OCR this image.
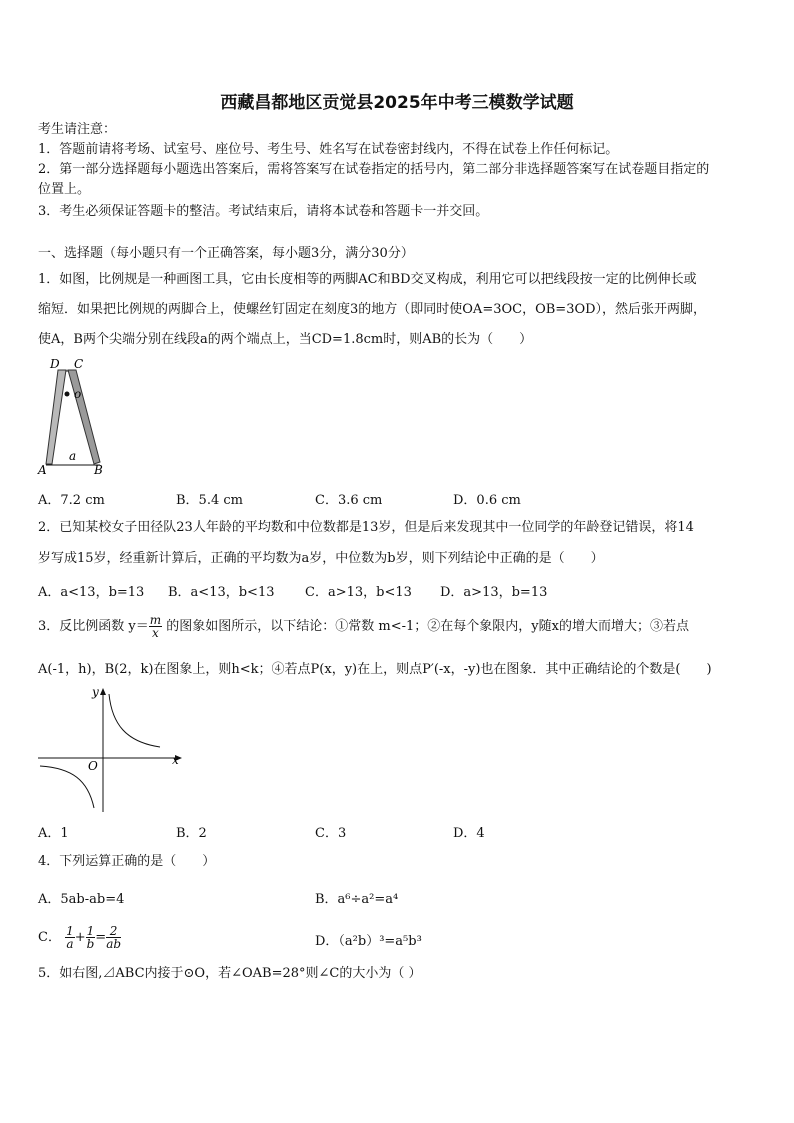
西藏昌都地区贡觉县2025年中考三模数学试题
考生请注意：
1．答题前请将考场、试室号、座位号、考生号、姓名写在试卷密封线内，不得在试卷上作任何标记。
2．第一部分选择题每小题选出答案后，需将答案写在试卷指定的括号内，第二部分非选择题答案写在试卷题目指定的
位置上。
3．考生必须保证答题卡的整洁。考试结束后，请将本试卷和答题卡一并交回。
一、选择题（每小题只有一个正确答案，每小题3分，满分30分）
1．如图，比例规是一种画图工具，它由长度相等的两脚AC和BD交叉构成，利用它可以把线段按一定的比例伸长或
缩短．如果把比例规的两脚合上，使螺丝钉固定在刻度3的地方（即同时使OA=3OC，OB=3OD），然后张开两脚，
使A，B两个尖端分别在线段a的两个端点上，当CD=1.8cm时，则AB的长为（　　）
D C
o
a
A	B
A．7.2 cm	B．5.4 cm	C．3.6 cm	D．0.6 cm
2．已知某校女子田径队23人年龄的平均数和中位数都是13岁，但是后来发现其中一位同学的年龄登记错误，将14
岁写成15岁，经重新计算后，正确的平均数为a岁，中位数为b岁，则下列结论中正确的是（　　）
A．a<13，b=13 B．a<13，b<13 C．a>13，b<13 D．a>13，b=13
3．反比例函数 $y= \frac{m}{x}$ 的图象如图所示，以下结论：①常数 m<-1；②在每个象限内，y随x的增大而增大；③若点
A(-1，h)，B(2，k)在图象上，则h<k；④若点P(x，y)在上，则点P′(-x，-y)也在图象．其中正确结论的个数是(　　)
x
y
O
A．1	B．2	C．3	D．4
4．下列运算正确的是（　　）
A．5ab-ab=4	B．a⁶÷a²=a⁴
C． $\frac{1}{a} + \frac{1}{b} = \frac{2}{ab}$	D．（a²b）³=a⁵b³
5．如右图,⊿ABC内接于⊙O，若∠OAB=28°则∠C的大小为（ ）
